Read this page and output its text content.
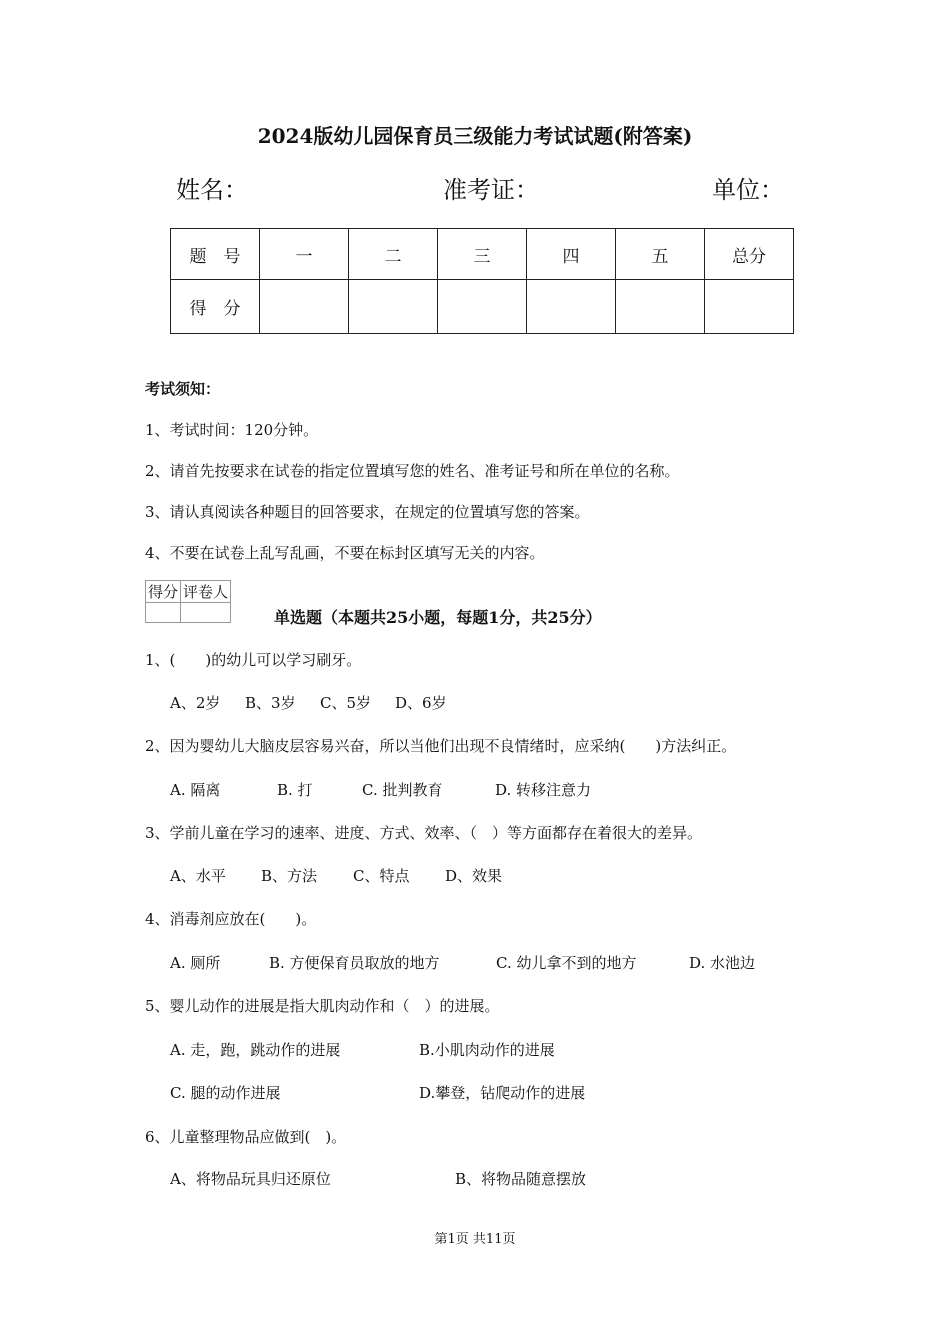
2024版幼儿园保育员三级能力考试试题(附答案)
姓名：	准考证：	单位：
题　号	一	二	三	四	五	总分
得　分						
考试须知：
1、考试时间：120分钟。
2、请首先按要求在试卷的指定位置填写您的姓名、准考证号和所在单位的名称。
3、请认真阅读各种题目的回答要求，在规定的位置填写您的答案。
4、不要在试卷上乱写乱画，不要在标封区填写无关的内容。
得分	评卷人

单选题（本题共25小题，每题1分，共25分）
1、(　　)的幼儿可以学习刷牙。
A、2岁 B、3岁 C、5岁 D、6岁
2、因为婴幼儿大脑皮层容易兴奋，所以当他们出现不良情绪时，应采纳(　　)方法纠正。
A. 隔离	B. 打	C. 批判教育	D. 转移注意力
3、学前儿童在学习的速率、进度、方式、效率、（　）等方面都存在着很大的差异。
A、水平 B、方法 C、特点 D、效果
4、消毒剂应放在(　　)。
A. 厕所	B. 方便保育员取放的地方	C. 幼儿拿不到的地方	D. 水池边
5、婴儿动作的进展是指大肌肉动作和（　）的进展。
A. 走，跑，跳动作的进展	B.小肌肉动作的进展
C. 腿的动作进展	D.攀登，钻爬动作的进展
6、儿童整理物品应做到(　)。
A、将物品玩具归还原位	B、将物品随意摆放
第1页 共11页
